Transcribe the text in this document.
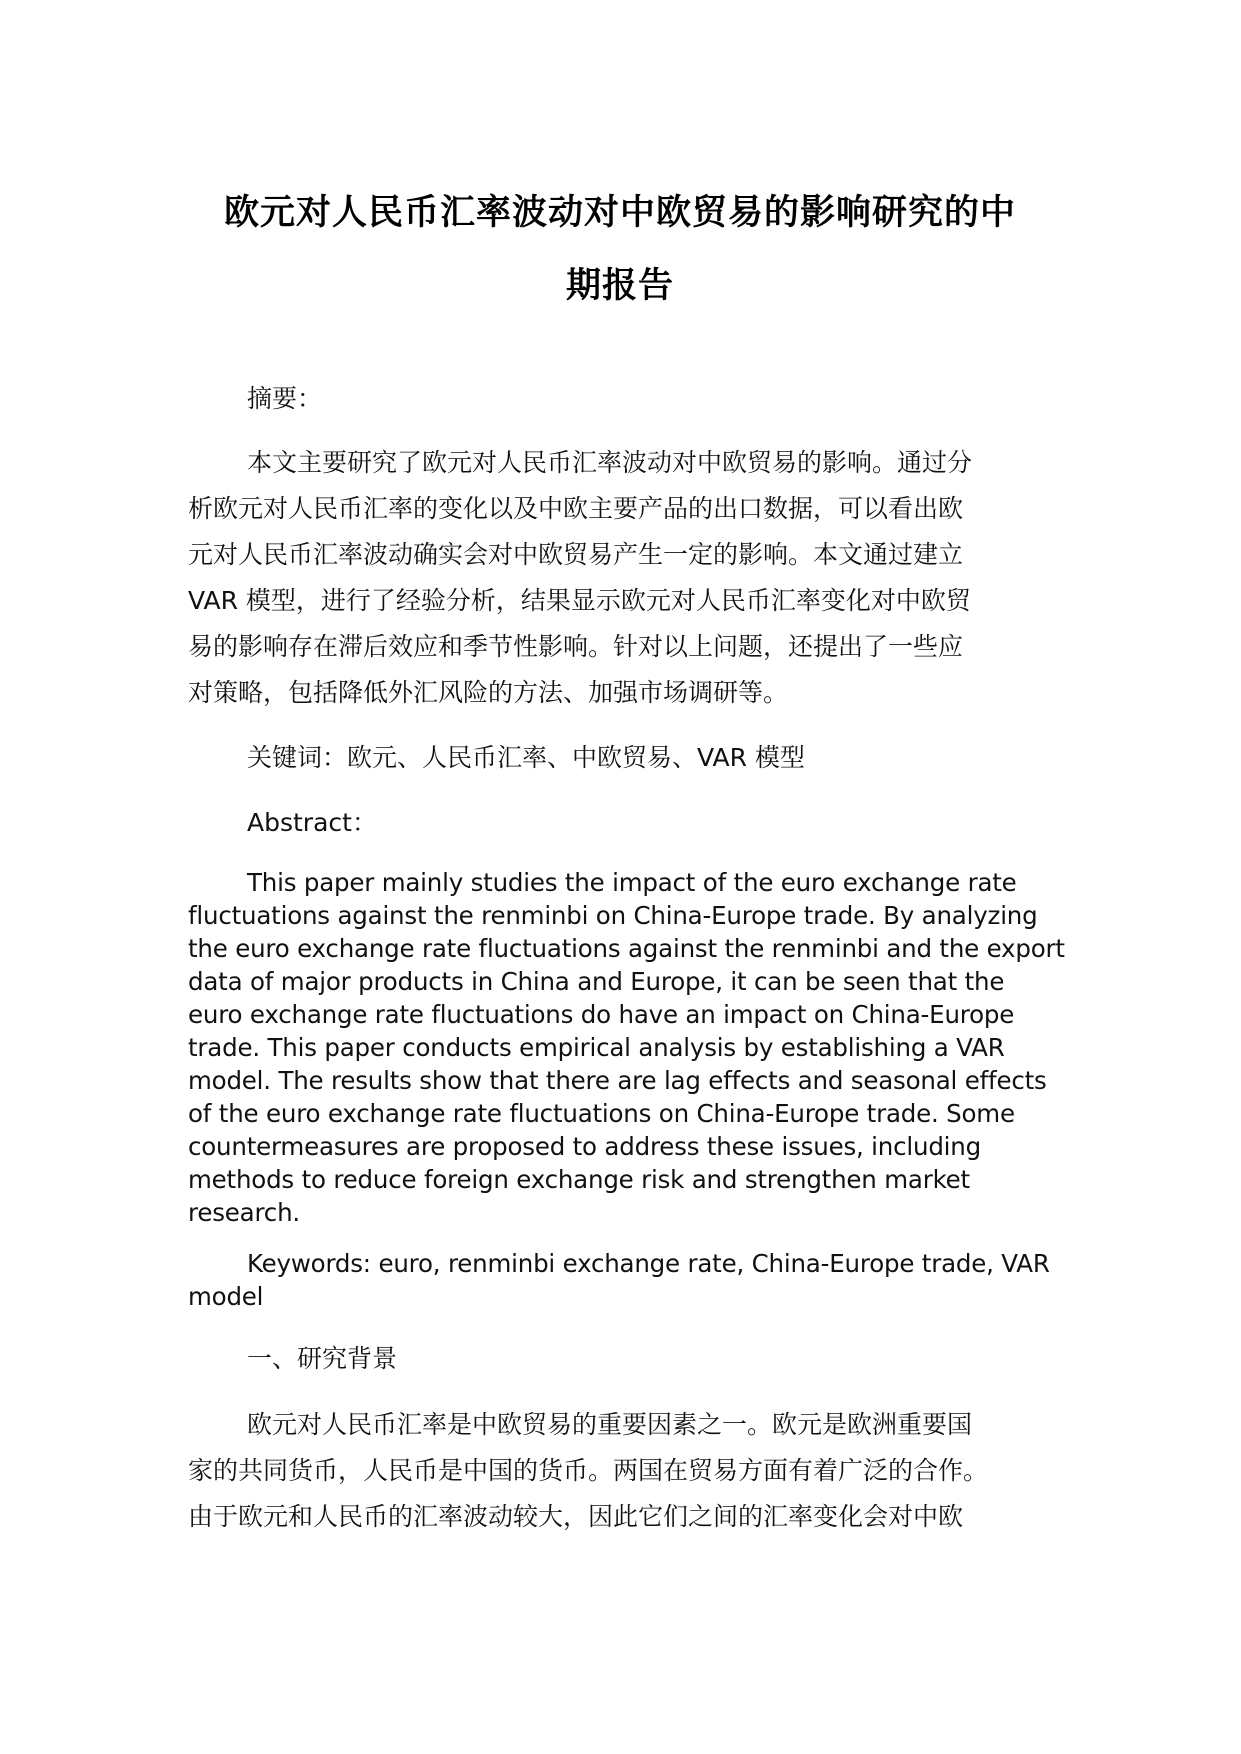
欧元对人民币汇率波动对中欧贸易的影响研究的中
期报告
摘要：
本文主要研究了欧元对人民币汇率波动对中欧贸易的影响。通过分
析欧元对人民币汇率的变化以及中欧主要产品的出口数据，可以看出欧
元对人民币汇率波动确实会对中欧贸易产生一定的影响。本文通过建立
VAR 模型，进行了经验分析，结果显示欧元对人民币汇率变化对中欧贸
易的影响存在滞后效应和季节性影响。针对以上问题，还提出了一些应
对策略，包括降低外汇风险的方法、加强市场调研等。
关键词：欧元、人民币汇率、中欧贸易、VAR 模型
Abstract：
This paper mainly studies the impact of the euro exchange rate
fluctuations against the renminbi on China-Europe trade. By analyzing
the euro exchange rate fluctuations against the renminbi and the export
data of major products in China and Europe, it can be seen that the
euro exchange rate fluctuations do have an impact on China-Europe
trade. This paper conducts empirical analysis by establishing a VAR
model. The results show that there are lag effects and seasonal effects
of the euro exchange rate fluctuations on China-Europe trade. Some
countermeasures are proposed to address these issues, including
methods to reduce foreign exchange risk and strengthen market
research.
Keywords: euro, renminbi exchange rate, China-Europe trade, VAR
model
一、研究背景
欧元对人民币汇率是中欧贸易的重要因素之一。欧元是欧洲重要国
家的共同货币，人民币是中国的货币。两国在贸易方面有着广泛的合作。
由于欧元和人民币的汇率波动较大，因此它们之间的汇率变化会对中欧
